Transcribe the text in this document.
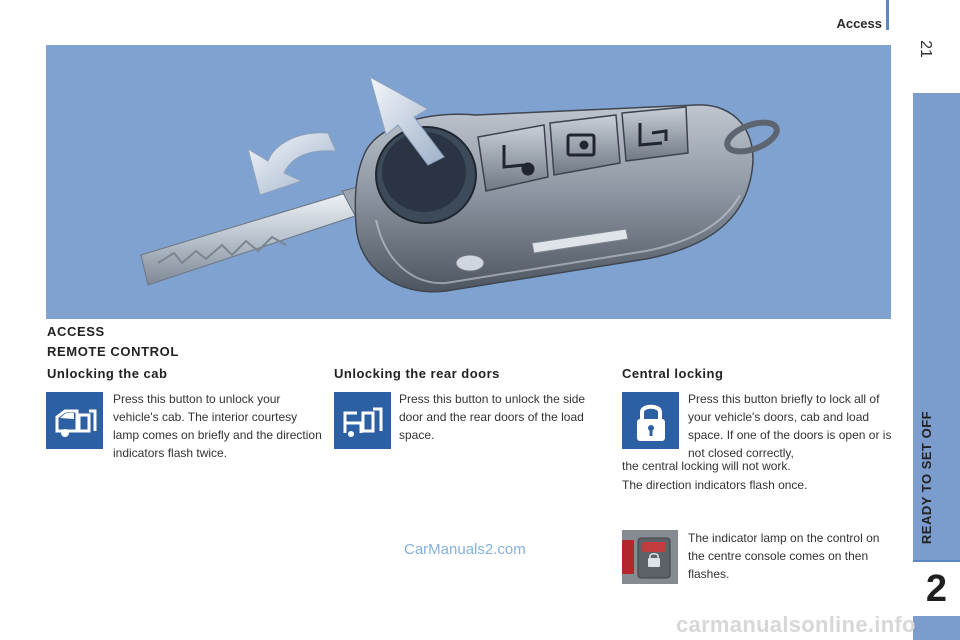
Access
21
READY TO SET OFF
2
ACCESS
REMOTE CONTROL
Unlocking the cab
Press this button to unlock your vehicle's cab. The interior courtesy lamp comes on briefly and the direction indicators flash twice.
Unlocking the rear doors
Press this button to unlock the side door and the rear doors of the load space.
Central locking
Press this button briefly to lock all of your vehicle's doors, cab and load space. If one of the doors is open or is not closed correctly,
the central locking will not work.
The direction indicators flash once.
The indicator lamp on the control on the centre console comes on then flashes.
CarManuals2.com
carmanualsonline.info
